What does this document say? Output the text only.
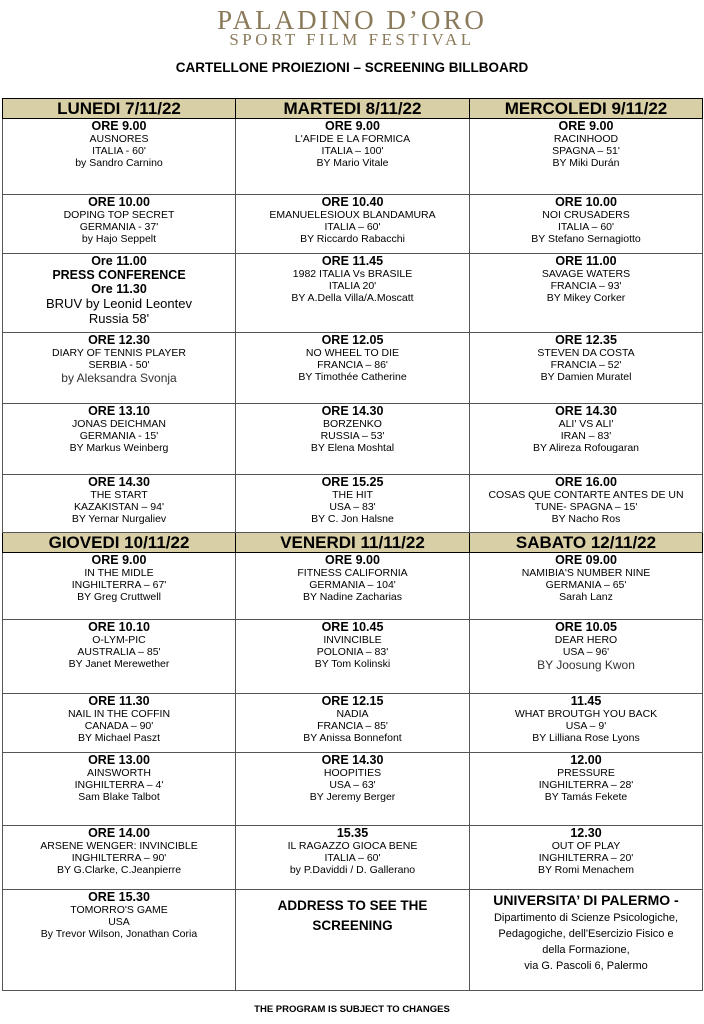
PALADINO D’ORO
SPORT FILM FESTIVAL
CARTELLONE PROIEZIONI – SCREENING BILLBOARD
LUNEDI 7/11/22	MARTEDI 8/11/22	MERCOLEDI 9/11/22

ORE 9.00
AUSNORES
ITALIA - 60'
by Sandro Carnino	ORE 9.00
L'AFIDE E LA FORMICA
ITALIA – 100'
BY Mario Vitale	ORE 9.00
RACINHOOD
SPAGNA – 51'
BY Miki Durán

ORE 10.00
DOPING TOP SECRET
GERMANIA - 37'
by Hajo Seppelt	ORE 10.40
EMANUELESIOUX BLANDAMURA
ITALIA – 60'
BY Riccardo Rabacchi	ORE 10.00
NOI CRUSADERS
ITALIA – 60'
BY Stefano Sernagiotto

Ore 11.00
PRESS CONFERENCE
Ore 11.30
BRUV by Leonid Leontev
Russia 58'	ORE 11.45
1982 ITALIA Vs BRASILE
ITALIA 20'
BY A.Della Villa/A.Moscatt	ORE 11.00
SAVAGE WATERS
FRANCIA – 93'
BY Mikey Corker

ORE 12.30
DIARY OF TENNIS PLAYER
SERBIA - 50'
by Aleksandra Svonja	ORE 12.05
NO WHEEL TO DIE
FRANCIA – 86'
BY Timothée Catherine	ORE 12.35
STEVEN DA COSTA
FRANCIA – 52'
BY Damien Muratel

ORE 13.10
JONAS DEICHMAN
GERMANIA - 15'
BY Markus Weinberg	ORE 14.30
BORZENKO
RUSSIA – 53'
BY Elena Moshtal	ORE 14.30
ALI' VS ALI'
IRAN – 83'
BY Alireza Rofougaran

ORE 14.30
THE START
KAZAKISTAN – 94'
BY Yernar Nurgaliev	ORE 15.25
THE HIT
USA – 83'
BY C. Jon Halsne	ORE 16.00
COSAS QUE CONTARTE ANTES DE UN
TUNE- SPAGNA – 15'
BY Nacho Ros

GIOVEDI 10/11/22	VENERDI 11/11/22	SABATO 12/11/22

ORE 9.00
IN THE MIDLE
INGHILTERRA – 67'
BY Greg Cruttwell	ORE 9.00
FITNESS CALIFORNIA
GERMANIA – 104'
BY Nadine Zacharias	ORE 09.00
NAMIBIA'S NUMBER NINE
GERMANIA – 65'
Sarah Lanz

ORE 10.10
O-LYM-PIC
AUSTRALIA – 85'
BY Janet Merewether	ORE 10.45
INVINCIBLE
POLONIA – 83'
BY Tom Kolinski	ORE 10.05
DEAR HERO
USA – 96'
BY Joosung Kwon

ORE 11.30
NAIL IN THE COFFIN
CANADA – 90'
BY Michael Paszt	ORE 12.15
NADIA
FRANCIA – 85'
BY Anissa Bonnefont	11.45
WHAT BROUTGH YOU BACK
USA – 9'
BY Lilliana Rose Lyons

ORE 13.00
AINSWORTH
INGHILTERRA – 4'
Sam Blake Talbot	ORE 14.30
HOOPITIES
USA – 63'
BY Jeremy Berger	12.00
PRESSURE
INGHILTERRA – 28'
BY Tamás Fekete

ORE 14.00
ARSENE WENGER: INVINCIBLE
INGHILTERRA – 90'
BY G.Clarke, C.Jeanpierre	15.35
IL RAGAZZO GIOCA BENE
ITALIA – 60'
by P.Daviddi / D. Gallerano	12.30
OUT OF PLAY
INGHILTERRA – 20'
BY Romi Menachem

ORE 15.30
TOMORRO'S GAME
USA
By Trevor Wilson, Jonathan Coria	ADDRESS TO SEE THE SCREENING	UNIVERSITA’ DI PALERMO -
Dipartimento di Scienze Psicologiche,
Pedagogiche, dell'Esercizio Fisico e
della Formazione,
via G. Pascoli 6, Palermo
THE PROGRAM IS SUBJECT TO CHANGES
